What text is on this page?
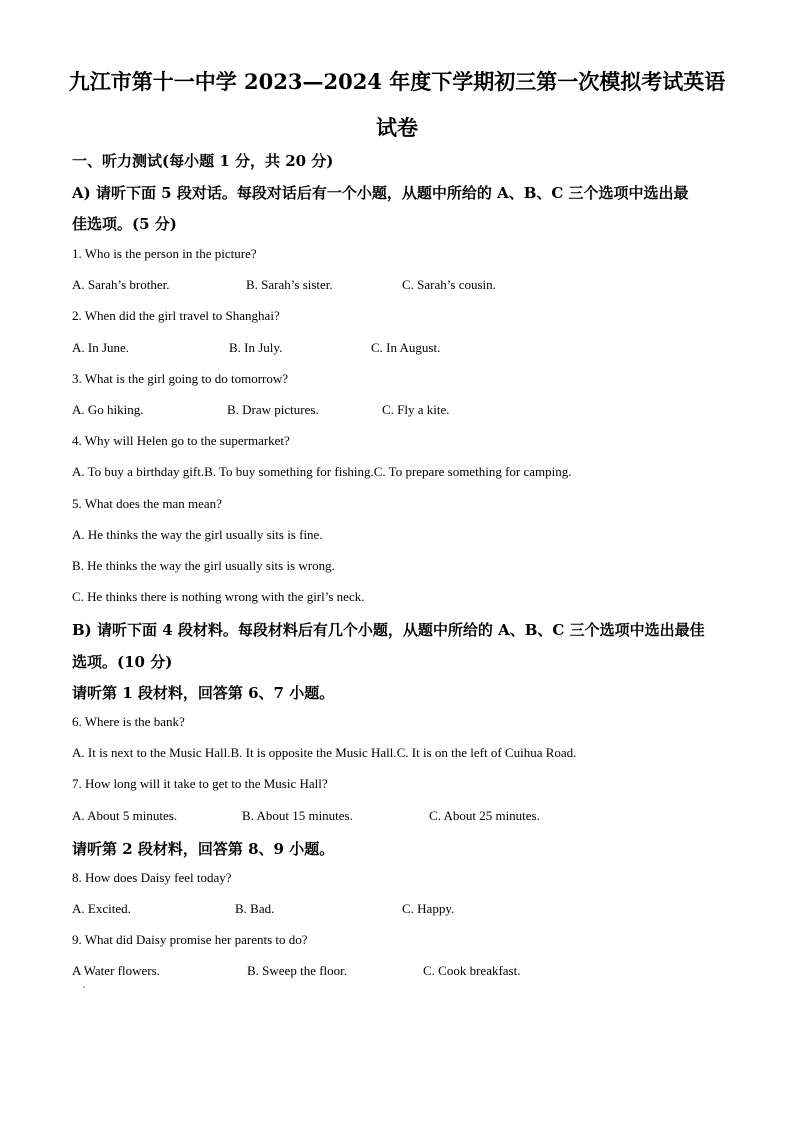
九江市第十一中学 2023—2024 年度下学期初三第一次模拟考试英语
试卷
一、听力测试(每小题 1 分，共 20 分)
A) 请听下面 5 段对话。每段对话后有一个小题，从题中所给的 A、B、C 三个选项中选出最
佳选项。(5 分)
1. Who is the person in the picture?
A. Sarah’s brother.	B. Sarah’s sister.	C. Sarah’s cousin.
2. When did the girl travel to Shanghai?
A. In June.	B. In July.	C. In August.
3. What is the girl going to do tomorrow?
A. Go hiking.	B. Draw pictures.	C. Fly a kite.
4. Why will Helen go to the supermarket?
A. To buy a birthday gift.B. To buy something for fishing.C. To prepare something for camping.
5. What does the man mean?
A. He thinks the way the girl usually sits is fine.
B. He thinks the way the girl usually sits is wrong.
C. He thinks there is nothing wrong with the girl’s neck.
B) 请听下面 4 段材料。每段材料后有几个小题，从题中所给的 A、B、C 三个选项中选出最佳
选项。(10 分)
请听第 1 段材料，回答第 6、7 小题。
6. Where is the bank?
A. It is next to the Music Hall.B. It is opposite the Music Hall.C. It is on the left of Cuihua Road.
7. How long will it take to get to the Music Hall?
A. About 5 minutes.	B. About 15 minutes.	C. About 25 minutes.
请听第 2 段材料，回答第 8、9 小题。
8. How does Daisy feel today?
A. Excited.	B. Bad.	C. Happy.
9. What did Daisy promise her parents to do?
A Water flowers.	B. Sweep the floor.	C. Cook breakfast.
